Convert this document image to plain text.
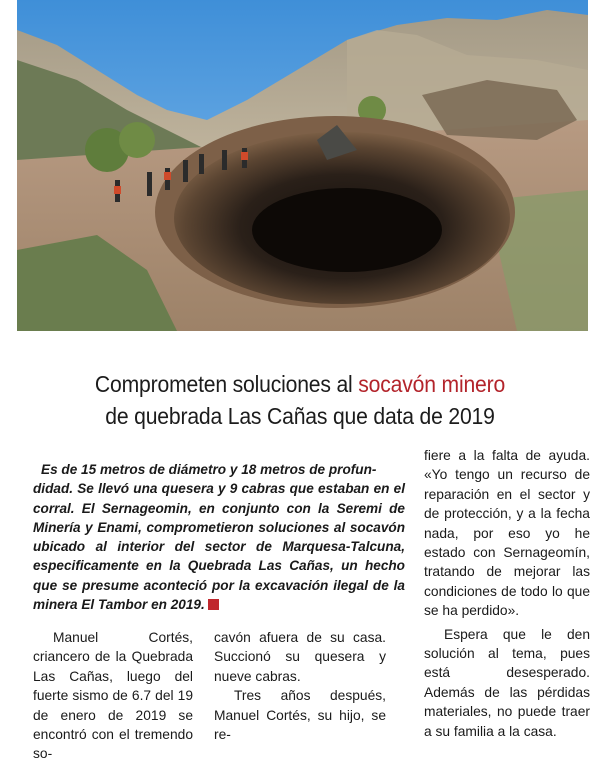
Comprometen soluciones al socavón minero
de quebrada Las Cañas que data de 2019
Es de 15 metros de diámetro y 18 metros de profun-
didad. Se llevó una quesera y 9 cabras que estaban en el corral. El Sernageomin, en conjunto con la Seremi de Minería y Enami, comprometieron soluciones al socavón ubicado al interior del sector de Marquesa-Talcuna, especificamente en la Quebrada Las Cañas, un hecho que se presume aconteció por la excavación ilegal de la minera El Tambor en 2019.

Manuel Cortés, criancero de la Quebrada Las Cañas, luego del fuerte sismo de 6.7 del 19 de enero de 2019 se encontró con el tremendo so-

cavón afuera de su casa. Succionó su quesera y nueve cabras.

Tres años después, Manuel Cortés, su hijo, se re-

fiere a la falta de ayuda. «Yo tengo un recurso de reparación en el sector y de protección, y a la fecha nada, por eso yo he estado con Sernageomín, tratando de mejorar las condiciones de todo lo que se ha perdido».

Espera que le den solución al tema, pues está desesperado. Además de las pérdidas materiales, no puede traer a su familia a la casa.
